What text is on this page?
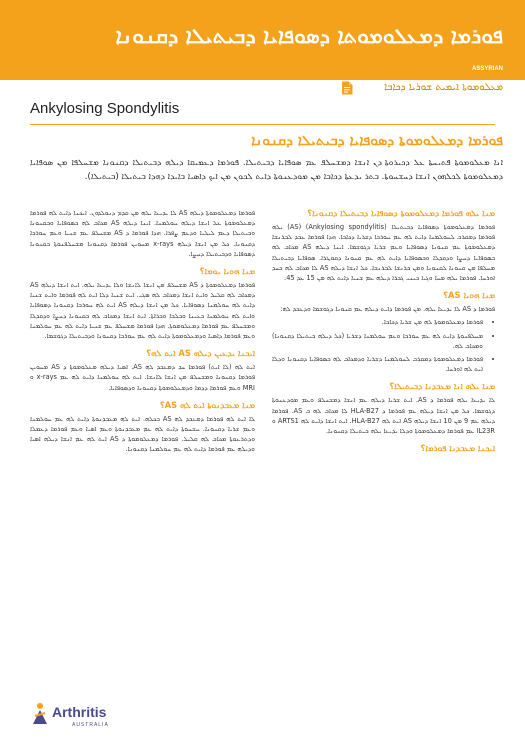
ܦܘܪܡܐ ܕܡܥܠܘܡܘܬܐ ܕܣܘܦܐܝܐ ܕܒܝܬܝܠܐ ܕܩܢܘܢܐ
ASSYRIAN
ܡܥܠܘܡܘܬܐ ܐܝܡܝܬ ܫܘܪܝܐ ܕܟܐܒܐ
Ankylosing Spondylitis
ܦܘܪܡܐ ܕܡܥܠܘܡܘܬܐ ܕܣܘܦܐܝܐ ܕܒܝܬܝܠܐ ܕܩܢܘܢܐ
ܐܢܐ ܡܥܠܘܡܘܬܐ ܦܬܝܚܬܐ ܥܠ ܕܟܝܪܘܬܐ ܕܢ ܐܢܫܐ ܕܡܫܚܠܦ ܥܡ ܣܘܦܐܝܐ ܕܒܝܬܝܠܐ. ܦܘܪܡܐ ܕܥܡܝܩܐ ܕܝܠܗ ܕܒܝܬܝܠܐ ܕܩܢܘܢܐ ܡܫܚܠܦܐ ܡܢ ܣܘܦܐܝܐ ܕܡܥܠܘܡܘܬܐ ܠܟܠܗܘܢ ܐܢܫܐ ܕܚܫܚܘܬܐ. ܒܬܪ ܝܕܥܬܐ ܕܟܐܒܐ ܡܢ ܡܘܕܥܢܘܬܐ ܕܐܝܬ ܠܟܘܢ ܡܢ ܐܝܟ ܕܐܣܝܐ ܒܐܝܕܐ ܕܗܕܐ ܒܝܬܝܠܐ (ܒܝܬܝܠܐ).
ܡܢܐ ܝܠܗ ܦܘܪܡܐ ܕܡܥܠܘܡܘܬܐ ܕܣܘܦܐܝܐ ܕܒܝܬܝܠܐ ܕܩܢܘܢܐ؟

ܦܘܪܡܐ ܕܡܥܠܘܡܘܬܐ ܕܣܘܦܐܝܐ ܕܒܝܬܝܠܐ (Ankylosing spondylitis) (AS) ܝܠܗ ܦܘܪܡܐ ܕܡܩܪܒ ܠܚܘܠܡܢܐ ܕܐܝܬ ܠܗ ܥܡ ܚܘܪܒܐ ܕܫܪܝܐ ܕܟܐܒܐ. ܗܕܐ ܦܘܪܡܐ ܥܒܕ ܠܒܪܢܫܐ ܕܡܥܠܘܡܘܬܐ ܥܡ ܩܢܘܢܐ ܕܣܘܦܐܝܐ ܘܥܡ ܫܪܝܐ ܕܓܘܫܡܐ. ܐܝܢܐ ܕܝܠܗ AS ܡܟܐܒ ܠܗ ܒܣܘܦܐܝܐ ܕܚܨܐ ܘܕܩܕܠܐ ܘܒܣܘܦܐܝܐ ܕܐܝܬ ܠܗ ܥܡ ܩܢܘܢܐ ܕܩܘܛܪܐ. ܣܘܦܐܝܐ ܕܒܝܬܝܠܐ ܡܚܠܦܐ ܡܢ ܩܢܘܢܐ ܠܩܢܘܢܐ ܘܡܢ ܒܪܢܫܐ ܠܒܪܢܫܐ. ܟܠ ܐܢܫܐ ܕܝܠܗ AS ܠܐ ܡܟܐܒ ܠܗ ܒܚܕ ܐܘܪܚܐ. ܦܘܪܡܐ ܝܠܗ ܡܚܐ ܘܓܝܐ ܒܝܢܝ ܓܒܪܐ ܕܝܠܗ ܥܡ ܫܢܝܐ ܕܐܝܬ ܠܗ ܡܢ 15 ܥܕ 45.

ܡܢܐ ܗܘܝܐ AS؟

ܦܘܪܡܐ ܕ AS ܠܐ ܝܕܝܥܐ ܝܠܗ. ܡܢ ܦܘܪܡܐ ܕܐܝܬ ܕܝܠܗ ܥܡ ܩܢܘܢܐ ܕܓܘܫܡܐ ܘܕܥܒܕ ܠܗ:

• ܦܘܪܡܐ ܕܡܥܠܘܡܘܬܐ ܠܗ ܡܢ ܫܪܝܐ ܕܟܐܒܐ.
• ܡܚܠܦܢܘܬܐ ܕܐܝܬ ܠܗ ܥܡ ܚܘܪܒܐ ܘܥܡ ܚܘܠܡܢܐ ܕܫܪܝܐ (ܟܠ ܕܝܠܗ ܒܝܬܝܠܐ ܕܩܢܘܢܐ) ܘܡܟܐܒ ܠܗ.
• ܦܘܪܡܐ ܕܡܥܠܘܡܘܬܐ ܕܡܩܪܒ ܠܚܘܠܡܢܐ ܕܫܪܝܐ ܘܕܡܟܐܒ ܠܗ ܒܣܘܦܐܝܐ ܕܩܢܘܢܐ ܘܕܠܐ ܐܝܬ ܠܗ ܐܘܪܚܐ.
ܡܢܐ ܝܠܗ ܐܢܐ ܡܥܒܕܢܐ ܕܒܝܬܝܠܐ؟

ܠܐ ܝܕܝܥܐ ܝܠܗ ܦܘܪܡܐ ܕ AS. ܐܝܬ ܫܪܝܐ ܕܝܠܗ ܥܡ ܐܢܫܐ ܕܡܫܚܠܦ ܘܥܡ ܡܘܕܥܢܘܬܐ ܕܓܘܫܡܐ. ܟܠ ܡܢ ܐܢܫܐ ܕܝܠܗ ܥܡ ܦܘܪܡܐ ܕ HLA-B27 ܠܐ ܡܟܐܒ ܠܗ ܒ AS. ܦܘܪܡܐ ܕܝܠܗ ܥܡ 9 ܡܢ 10 ܐܢܫܐ ܕܝܠܗ AS ܐܝܬ ܠܗ HLA-B27. ܐܝܬ ܐܢܫܐ ܕܐܝܬ ܠܗ ARTS1 ܘ IL23R ܥܡ ܦܘܪܡܐ ܕܡܥܠܘܡܘܬܐ ܘܕܠܐ ܝܕܝܥܐ ܝܠܗ ܒܝܬܝܠܐ ܕܩܢܘܢܐ.

ܐܝܟܢܐ ܡܥܒܕܢܐ ܦܘܪܡܐ؟

ܦܘܪܡܐ ܕܡܥܠܘܡܘܬܐ ܕܝܠܗ AS ܠܐ ܝܕܝܥܐ ܝܠܗ ܡܢ ܩܕܡ ܕܢܘܠܕܘܢ. ܐܝܟܢܐ ܕܐܝܬ ܠܗ ܦܘܪܡܐ ܕܡܥܠܘܡܘܬܐ ܥܠ ܐܢܫܐ ܕܝܠܗ ܚܘܠܡܢܐ. ܐܝܢܐ ܕܝܠܗ AS ܡܟܐܒ ܠܗ ܒܣܘܦܐܝܐ ܘܒܩܢܘܢܐ ܘܒܝܬܝܠܐ ܕܥܡ ܠܝܠܝܐ ܘܕܥܡ ܨܦܪܐ. ܗܕܐ ܦܘܪܡܐ ܕ AS ܡܫܚܠܦ ܥܡ ܫܢܝܐ ܘܥܡ ܚܘܪܒܐ ܕܩܢܘܢܐ. ܟܠ ܡܢ ܐܢܫܐ ܕܝܠܗ x-rays ܡܚܘܝܢ ܦܘܪܡܐ ܕܩܢܘܢܐ ܡܫܚܠܦܢܘܬܐ ܒܩܢܘܢܐ ܕܣܘܦܐܝܐ ܘܕܒܝܬܝܠܐ ܕܚܨܐ.

ܡܢܐ ܗܘܝܐ ܝܘܡܐ؟

ܦܘܪܡܐ ܕܡܥܠܘܡܘܬܐ ܕ AS ܡܫܚܠܦ ܡܢ ܐܢܫܐ ܠܐܢܫܐ ܘܠܐ ܝܕܝܥܐ ܝܠܗ. ܐܝܬ ܐܢܫܐ ܕܝܠܗ AS ܕܡܟܐܒ ܠܗ ܩܠܝܠ ܘܐܝܬ ܐܢܫܐ ܕܡܟܐܒ ܠܗ ܣܓܝ. ܐܝܬ ܫܢܝܐ ܕܠܐ ܐܝܬ ܠܗ ܦܘܪܡܐ ܘܐܝܬ ܫܢܝܐ ܕܐܝܬ ܠܗ ܚܘܠܡܢܐ ܕܣܘܦܐܝܐ. ܟܠ ܡܢ ܐܢܫܐ ܕܝܠܗ AS ܐܝܬ ܠܗ ܚܘܪܒܐ ܕܩܢܘܢܐ ܕܣܘܦܐܝܐ ܘܐܝܬ ܠܗ ܚܘܠܡܢܐ ܒܥܝܢܐ ܘܒܠܒܐ ܘܒܪܐܬܐ. ܐܝܬ ܐܢܫܐ ܕܡܟܐܒ ܠܗ ܒܩܢܘܢܐ ܕܚܨܐ ܘܕܩܕܠܐ ܘܡܫܚܠܦ ܥܡ ܦܘܪܡܐ ܕܡܥܠܘܡܘܬܐ. ܗܕܐ ܦܘܪܡܐ ܡܫܚܠܦ ܥܡ ܫܢܝܐ ܕܐܝܬ ܠܗ ܥܡ ܚܘܠܡܢܐ ܘܥܡ ܦܘܪܡܐ ܕܐܣܝܐ ܘܕܡܥܠܘܡܘܬܐ ܕܐܝܬ ܠܗ ܥܡ ܚܘܪܒܐ ܕܩܢܘܢܐ ܘܕܒܝܬܝܠܐ ܕܓܘܫܡܐ.

ܐܝܟܢܐ ܝܕܥܝܢ ܕܝܠܗ AS ܐܝܬ ܠܗ؟

ܐܝܬ ܠܗ (ܠܐ ܐܝܬ) ܦܘܪܡܐ ܚܕ ܕܡܥܒܕ ܠܗ AS. ܐܣܝܐ ܕܝܠܗ ܡܥܠܘܡܘܬܐ ܕ AS ܡܚܘܝܢ ܦܘܪܡܐ ܕܩܢܘܢܐ ܘܡܫܚܠܦ ܡܢ ܐܢܫܐ ܠܐܢܫܐ. ܐܝܬ ܠܗ ܚܘܠܡܢܐ ܕܐܝܬ ܠܗ ܥܡ x-rays ܘ MRI ܘܥܡ ܦܘܪܡܐ ܕܕܡܐ ܘܕܡܥܠܘܡܘܬܐ ܕܩܢܘܢܐ ܘܕܣܘܦܐܝܐ.

ܡܢܐ ܡܥܒܕܢܘܬܐ ܐܝܬ ܠܗ AS؟

ܠܐ ܐܝܬ ܠܗ ܦܘܪܡܐ ܕܡܥܒܕ ܠܗ AS ܒܟܠܗ. ܐܝܬ ܠܗ ܡܥܒܕܢܘܬܐ ܕܐܝܬ ܠܗ ܥܡ ܚܘܠܡܢܐ ܘܥܡ ܫܪܝܐ ܕܩܢܘܢܐ. ܚܫܚܘܬܐ ܕܐܝܬ ܠܗ ܥܡ ܡܥܒܕܢܘܬܐ ܘܥܡ ܐܣܝܐ ܘܥܡ ܦܘܪܡܐ ܕܥܡܠܐ ܘܕܬܪܥܘܬܐ ܡܟܐܒ ܠܗ ܩܠܝܠ. ܦܘܪܡܐ ܕܡܥܠܘܡܘܬܐ ܕ AS ܐܝܬ ܠܗ ܥܡ ܐܢܫܐ ܕܝܠܗ ܐܣܝܐ ܘܕܝܠܗ ܥܡ ܦܘܪܡܐ ܕܐܝܬ ܠܗ ܥܡ ܚܘܠܡܢܐ ܕܩܢܘܢܐ.

Arthritis
AUSTRALIA
